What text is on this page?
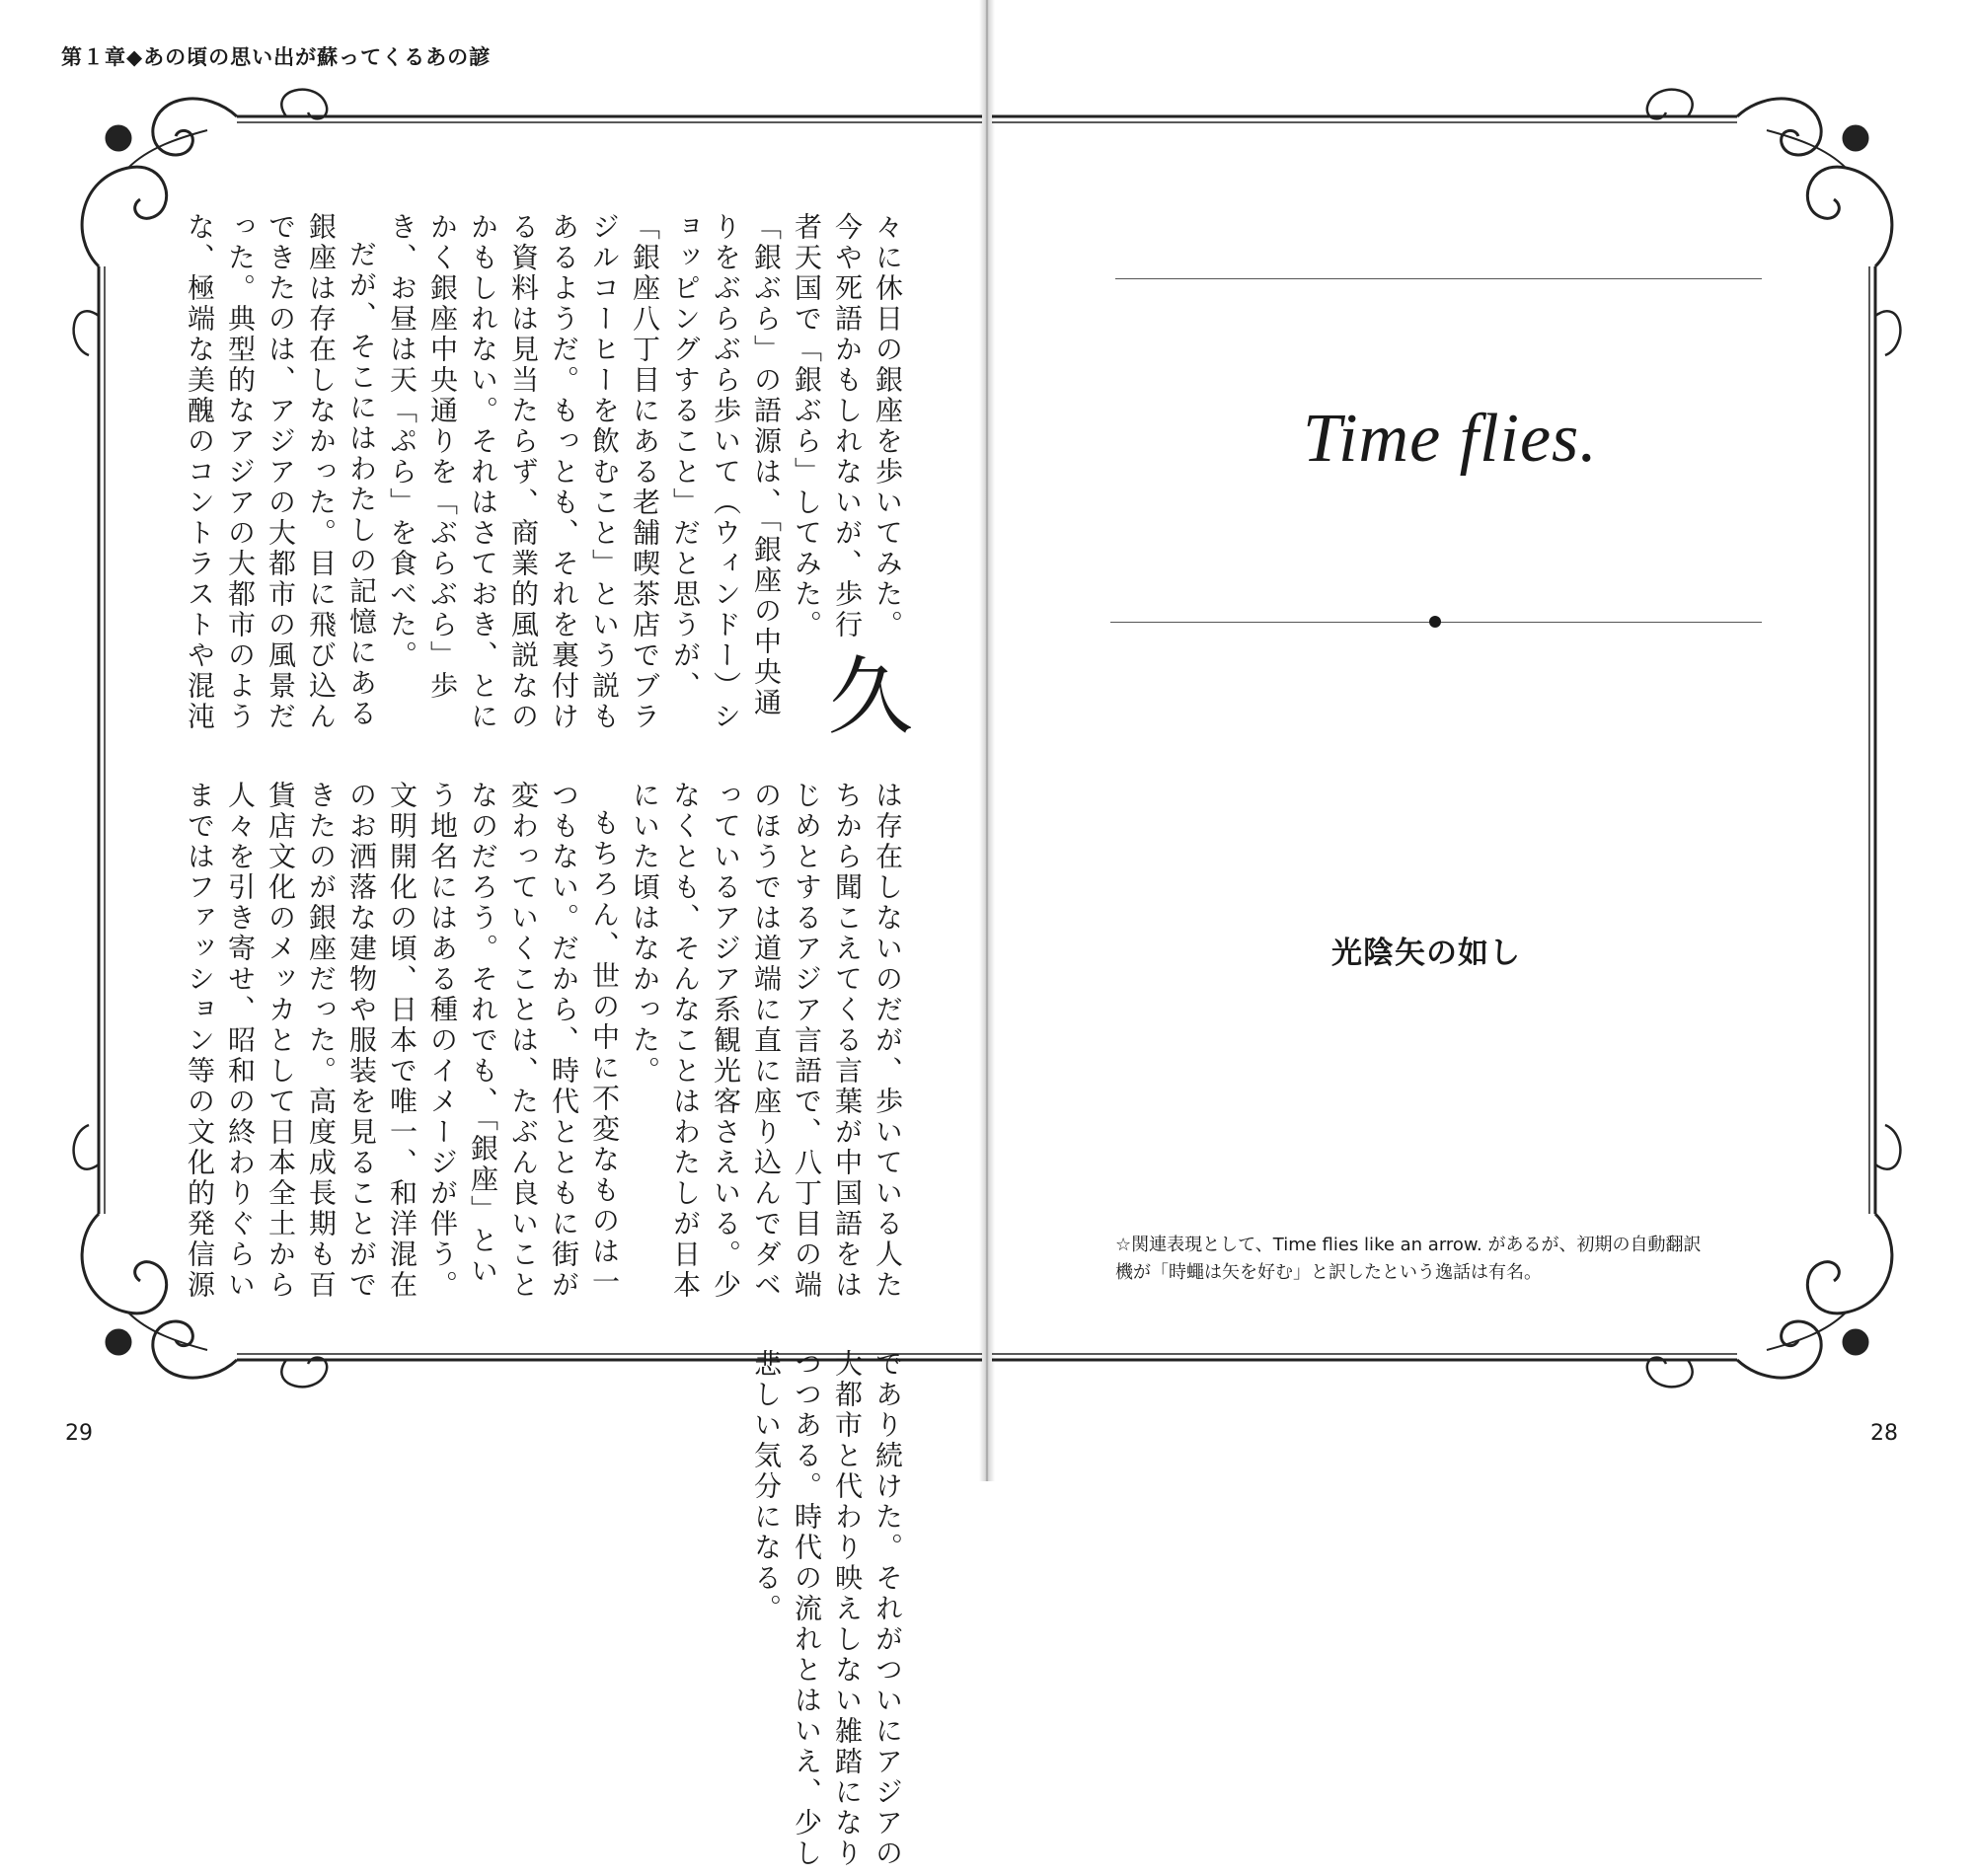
第１章◆あの頃の思い出が蘇ってくるあの諺

久
々に休日の銀座を歩いてみた。今や死語かもしれないが、歩行者天国で「銀ぶら」してみた。「銀ぶら」の語源は、「銀座の中央通りをぶらぶら歩いて（ウィンドー）ショッピングすること」だと思うが、「銀座八丁目にある老舗喫茶店でブラジルコーヒーを飲むこと」という説もあるようだ。もっとも、それを裏付ける資料は見当たらず、商業的風説なのかもしれない。それはさておき、とにかく銀座中央通りを「ぶらぶら」歩き、お昼は天「ぷら」を食べた。

だが、そこにはわたしの記憶にある銀座は存在しなかった。目に飛び込んできたのは、アジアの大都市の風景だった。典型的なアジアの大都市のような、極端な美醜のコントラストや混沌は存在しないのだが、歩いている人たちから聞こえてくる言葉が中国語をはじめとするアジア言語で、八丁目の端のほうでは道端に直に座り込んでダベっているアジア系観光客さえいる。少なくとも、そんなことはわたしが日本にいた頃はなかった。

もちろん、世の中に不変なものは一つもない。だから、時代とともに街が変わっていくことは、たぶん良いことなのだろう。それでも、「銀座」という地名にはある種のイメージが伴う。文明開化の頃、日本で唯一、和洋混在のお洒落な建物や服装を見ることができたのが銀座だった。高度成長期も百貨店文化のメッカとして日本全土から人々を引き寄せ、昭和の終わりぐらいまではファッション等の文化的発信源であり続けた。それがついにアジアの大都市と代わり映えしない雑踏になりつつある。時代の流れとはいえ、少し悲しい気分になる。

29
Time flies.
光陰矢の如し
☆関連表現として、Time flies like an arrow. があるが、初期の自動翻訳
機が「時蠅は矢を好む」と訳したという逸話は有名。
28
